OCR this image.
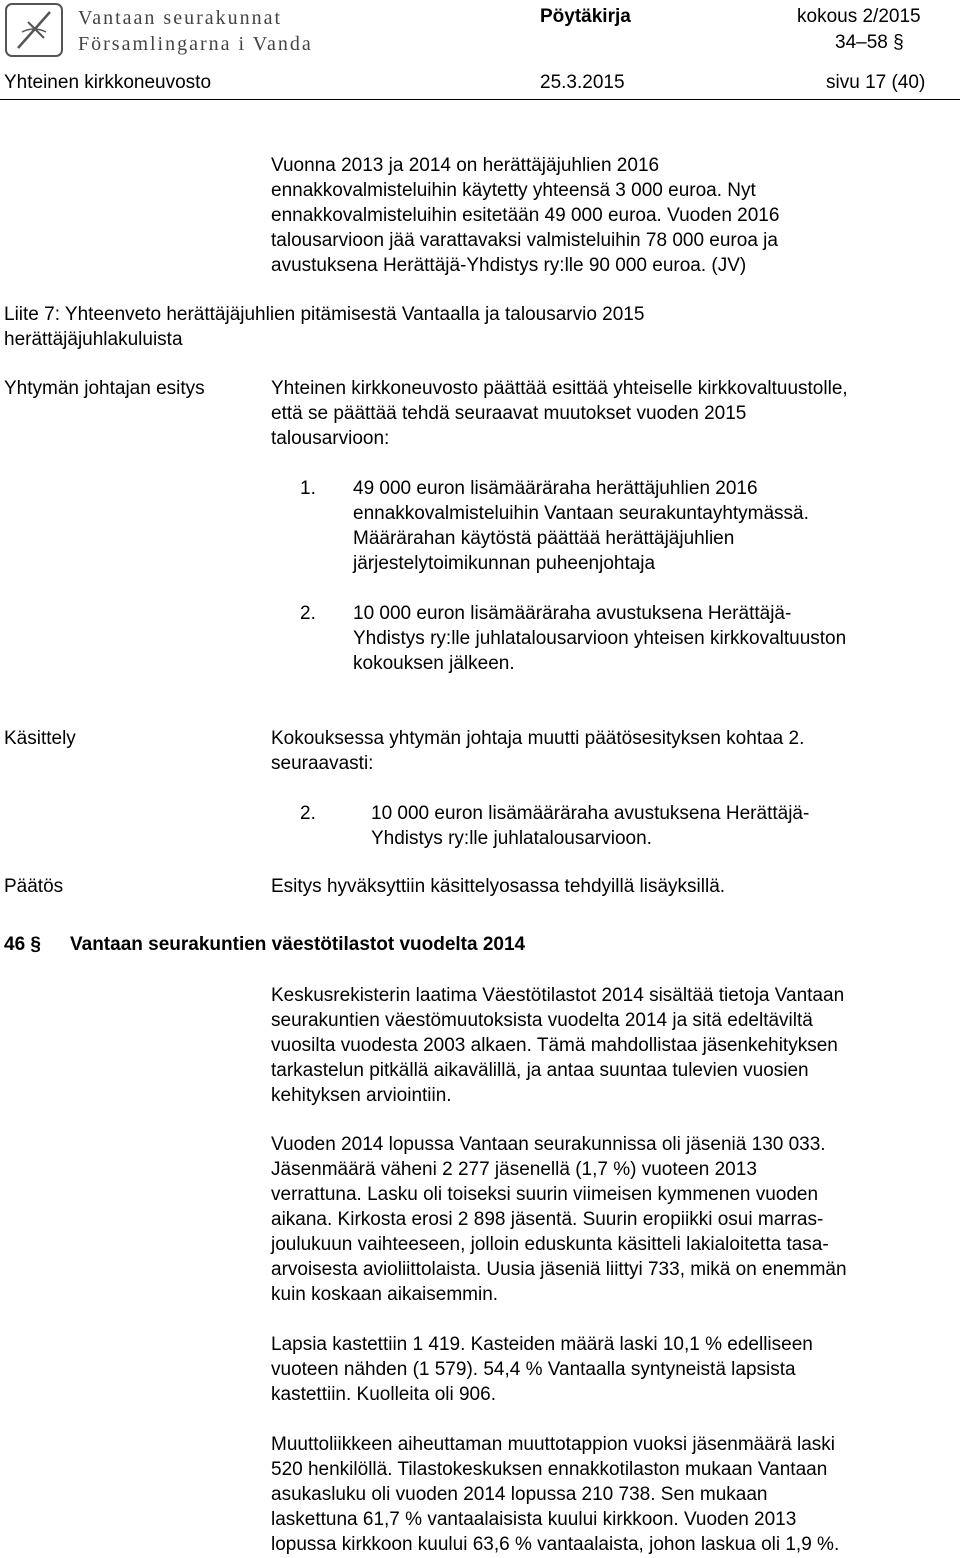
Vantaan seurakunnat
Församlingarna i Vanda
Pöytäkirja	kokous 2/2015
34–58 §
Yhteinen kirkkoneuvosto	25.3.2015	sivu 17 (40)
Vuonna 2013 ja 2014 on herättäjäjuhlien 2016
ennakkovalmisteluihin käytetty yhteensä 3 000 euroa. Nyt
ennakkovalmisteluihin esitetään 49 000 euroa. Vuoden 2016
talousarvioon jää varattavaksi valmisteluihin 78 000 euroa ja
avustuksena Herättäjä-Yhdistys ry:lle 90 000 euroa. (JV)
Liite 7: Yhteenveto herättäjäjuhlien pitämisestä Vantaalla ja talousarvio 2015
herättäjäjuhlakuluista
Yhtymän johtajan esitys	Yhteinen kirkkoneuvosto päättää esittää yhteiselle kirkkovaltuustolle,
että se päättää tehdä seuraavat muutokset vuoden 2015
talousarvioon:
1. 49 000 euron lisämääräraha herättäjuhlien 2016
ennakkovalmisteluihin Vantaan seurakuntayhtymässä.
Määrärahan käytöstä päättää herättäjäjuhlien
järjestelytoimikunnan puheenjohtaja
2. 10 000 euron lisämääräraha avustuksena Herättäjä-
Yhdistys ry:lle juhlatalousarvioon yhteisen kirkkovaltuuston
kokouksen jälkeen.
Käsittely	Kokouksessa yhtymän johtaja muutti päätösesityksen kohtaa 2.
seuraavasti:
2.	10 000 euron lisämääräraha avustuksena Herättäjä-
Yhdistys ry:lle juhlatalousarvioon.
Päätös	Esitys hyväksyttiin käsittelyosassa tehdyillä lisäyksillä.
46 § Vantaan seurakuntien väestötilastot vuodelta 2014
Keskusrekisterin laatima Väestötilastot 2014 sisältää tietoja Vantaan
seurakuntien väestömuutoksista vuodelta 2014 ja sitä edeltäviltä
vuosilta vuodesta 2003 alkaen. Tämä mahdollistaa jäsenkehityksen
tarkastelun pitkällä aikavälillä, ja antaa suuntaa tulevien vuosien
kehityksen arviointiin.
Vuoden 2014 lopussa Vantaan seurakunnissa oli jäseniä 130 033.
Jäsenmäärä väheni 2 277 jäsenellä (1,7 %) vuoteen 2013
verrattuna. Lasku oli toiseksi suurin viimeisen kymmenen vuoden
aikana. Kirkosta erosi 2 898 jäsentä. Suurin eropiikki osui marras-
joulukuun vaihteeseen, jolloin eduskunta käsitteli lakialoitetta tasa-
arvoisesta avioliittolaista. Uusia jäseniä liittyi 733, mikä on enemmän
kuin koskaan aikaisemmin.
Lapsia kastettiin 1 419. Kasteiden määrä laski 10,1 % edelliseen
vuoteen nähden (1 579). 54,4 % Vantaalla syntyneistä lapsista
kastettiin. Kuolleita oli 906.
Muuttoliikkeen aiheuttaman muuttotappion vuoksi jäsenmäärä laski
520 henkilöllä. Tilastokeskuksen ennakkotilaston mukaan Vantaan
asukasluku oli vuoden 2014 lopussa 210 738. Sen mukaan
laskettuna 61,7 % vantaalaisista kuului kirkkoon. Vuoden 2013
lopussa kirkkoon kuului 63,6 % vantaalaista, johon laskua oli 1,9 %.
